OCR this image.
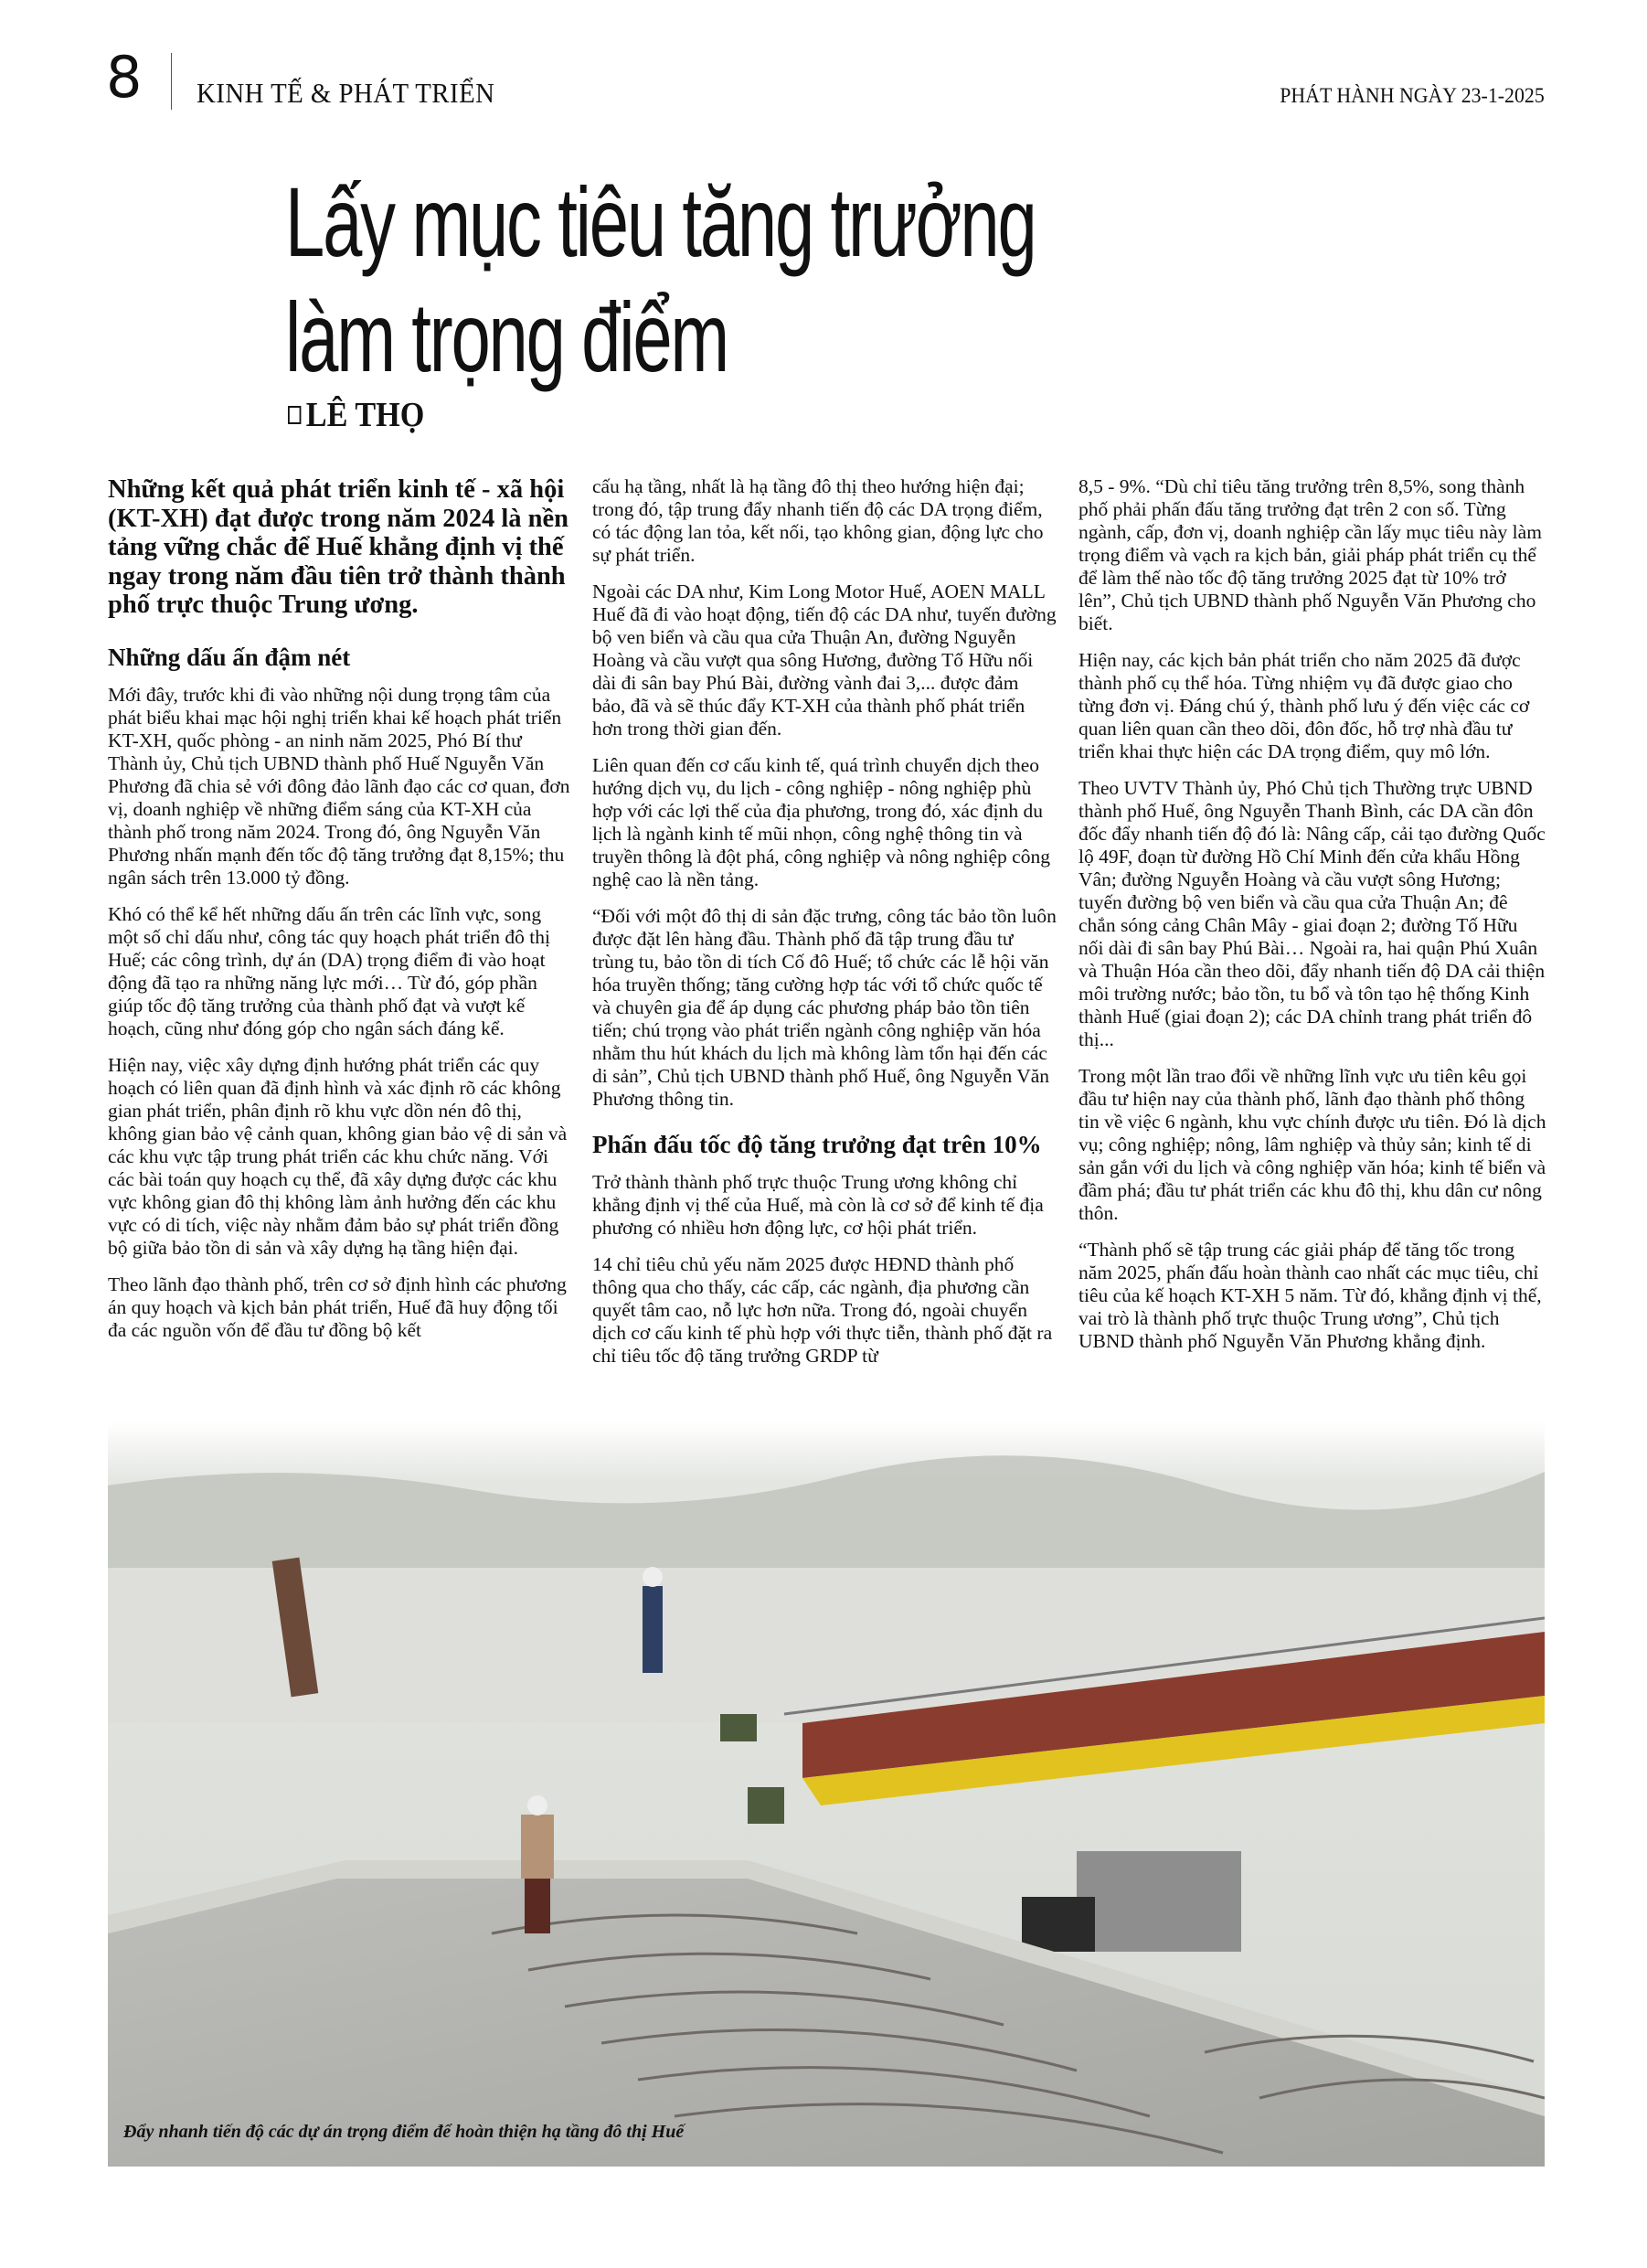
8 KINH TẾ & PHÁT TRIỂN	PHÁT HÀNH NGÀY 23-1-2025
Lấy mục tiêu tăng trưởng
làm trọng điểm
LÊ THỌ

Những kết quả phát triển kinh tế - xã hội (KT-XH) đạt được trong năm 2024 là nền tảng vững chắc để Huế khẳng định vị thế ngay trong năm đầu tiên trở thành thành phố trực thuộc Trung ương.

Những dấu ấn đậm nét

Mới đây, trước khi đi vào những nội dung trọng tâm của phát biểu khai mạc hội nghị triển khai kế hoạch phát triển KT-XH, quốc phòng - an ninh năm 2025, Phó Bí thư Thành ủy, Chủ tịch UBND thành phố Huế Nguyễn Văn Phương đã chia sẻ với đông đảo lãnh đạo các cơ quan, đơn vị, doanh nghiệp về những điểm sáng của KT-XH của thành phố trong năm 2024. Trong đó, ông Nguyễn Văn Phương nhấn mạnh đến tốc độ tăng trưởng đạt 8,15%; thu ngân sách trên 13.000 tỷ đồng.

Khó có thể kể hết những dấu ấn trên các lĩnh vực, song một số chỉ dấu như, công tác quy hoạch phát triển đô thị Huế; các công trình, dự án (DA) trọng điểm đi vào hoạt động đã tạo ra những năng lực mới… Từ đó, góp phần giúp tốc độ tăng trưởng của thành phố đạt và vượt kế hoạch, cũng như đóng góp cho ngân sách đáng kể.

Hiện nay, việc xây dựng định hướng phát triển các quy hoạch có liên quan đã định hình và xác định rõ các không gian phát triển, phân định rõ khu vực dồn nén đô thị, không gian bảo vệ cảnh quan, không gian bảo vệ di sản và các khu vực tập trung phát triển các khu chức năng. Với các bài toán quy hoạch cụ thể, đã xây dựng được các khu vực không gian đô thị không làm ảnh hưởng đến các khu vực có di tích, việc này nhằm đảm bảo sự phát triển đồng bộ giữa bảo tồn di sản và xây dựng hạ tầng hiện đại.

Theo lãnh đạo thành phố, trên cơ sở định hình các phương án quy hoạch và kịch bản phát triển, Huế đã huy động tối đa các nguồn vốn để đầu tư đồng bộ kết

cấu hạ tầng, nhất là hạ tầng đô thị theo hướng hiện đại; trong đó, tập trung đẩy nhanh tiến độ các DA trọng điểm, có tác động lan tỏa, kết nối, tạo không gian, động lực cho sự phát triển.

Ngoài các DA như, Kim Long Motor Huế, AOEN MALL Huế đã đi vào hoạt động, tiến độ các DA như, tuyến đường bộ ven biển và cầu qua cửa Thuận An, đường Nguyễn Hoàng và cầu vượt qua sông Hương, đường Tố Hữu nối dài đi sân bay Phú Bài, đường vành đai 3,... được đảm bảo, đã và sẽ thúc đẩy KT-XH của thành phố phát triển hơn trong thời gian đến.

Liên quan đến cơ cấu kinh tế, quá trình chuyển dịch theo hướng dịch vụ, du lịch - công nghiệp - nông nghiệp phù hợp với các lợi thế của địa phương, trong đó, xác định du lịch là ngành kinh tế mũi nhọn, công nghệ thông tin và truyền thông là đột phá, công nghiệp và nông nghiệp công nghệ cao là nền tảng.

“Đối với một đô thị di sản đặc trưng, công tác bảo tồn luôn được đặt lên hàng đầu. Thành phố đã tập trung đầu tư trùng tu, bảo tồn di tích Cố đô Huế; tổ chức các lễ hội văn hóa truyền thống; tăng cường hợp tác với tổ chức quốc tế và chuyên gia để áp dụng các phương pháp bảo tồn tiên tiến; chú trọng vào phát triển ngành công nghiệp văn hóa nhằm thu hút khách du lịch mà không làm tổn hại đến các di sản”, Chủ tịch UBND thành phố Huế, ông Nguyễn Văn Phương thông tin.

Phấn đấu tốc độ tăng trưởng đạt trên 10%

Trở thành thành phố trực thuộc Trung ương không chỉ khẳng định vị thế của Huế, mà còn là cơ sở để kinh tế địa phương có nhiều hơn động lực, cơ hội phát triển.

14 chỉ tiêu chủ yếu năm 2025 được HĐND thành phố thông qua cho thấy, các cấp, các ngành, địa phương cần quyết tâm cao, nỗ lực hơn nữa. Trong đó, ngoài chuyển dịch cơ cấu kinh tế phù hợp với thực tiễn, thành phố đặt ra chỉ tiêu tốc độ tăng trưởng GRDP từ

8,5 - 9%. “Dù chỉ tiêu tăng trưởng trên 8,5%, song thành phố phải phấn đấu tăng trưởng đạt trên 2 con số. Từng ngành, cấp, đơn vị, doanh nghiệp cần lấy mục tiêu này làm trọng điểm và vạch ra kịch bản, giải pháp phát triển cụ thể để làm thế nào tốc độ tăng trưởng 2025 đạt từ 10% trở lên”, Chủ tịch UBND thành phố Nguyễn Văn Phương cho biết.

Hiện nay, các kịch bản phát triển cho năm 2025 đã được thành phố cụ thể hóa. Từng nhiệm vụ đã được giao cho từng đơn vị. Đáng chú ý, thành phố lưu ý đến việc các cơ quan liên quan cần theo dõi, đôn đốc, hỗ trợ nhà đầu tư triển khai thực hiện các DA trọng điểm, quy mô lớn.

Theo UVTV Thành ủy, Phó Chủ tịch Thường trực UBND thành phố Huế, ông Nguyễn Thanh Bình, các DA cần đôn đốc đẩy nhanh tiến độ đó là: Nâng cấp, cải tạo đường Quốc lộ 49F, đoạn từ đường Hồ Chí Minh đến cửa khẩu Hồng Vân; đường Nguyễn Hoàng và cầu vượt sông Hương; tuyến đường bộ ven biển và cầu qua cửa Thuận An; đê chắn sóng cảng Chân Mây - giai đoạn 2; đường Tố Hữu nối dài đi sân bay Phú Bài… Ngoài ra, hai quận Phú Xuân và Thuận Hóa cần theo dõi, đẩy nhanh tiến độ DA cải thiện môi trường nước; bảo tồn, tu bổ và tôn tạo hệ thống Kinh thành Huế (giai đoạn 2); các DA chỉnh trang phát triển đô thị...

Trong một lần trao đổi về những lĩnh vực ưu tiên kêu gọi đầu tư hiện nay của thành phố, lãnh đạo thành phố thông tin về việc 6 ngành, khu vực chính được ưu tiên. Đó là dịch vụ; công nghiệp; nông, lâm nghiệp và thủy sản; kinh tế di sản gắn với du lịch và công nghiệp văn hóa; kinh tế biển và đầm phá; đầu tư phát triển các khu đô thị, khu dân cư nông thôn.

“Thành phố sẽ tập trung các giải pháp để tăng tốc trong năm 2025, phấn đấu hoàn thành cao nhất các mục tiêu, chỉ tiêu của kế hoạch KT-XH 5 năm. Từ đó, khẳng định vị thế, vai trò là thành phố trực thuộc Trung ương”, Chủ tịch UBND thành phố Nguyễn Văn Phương khẳng định.

Đẩy nhanh tiến độ các dự án trọng điểm để hoàn thiện hạ tầng đô thị Huế
